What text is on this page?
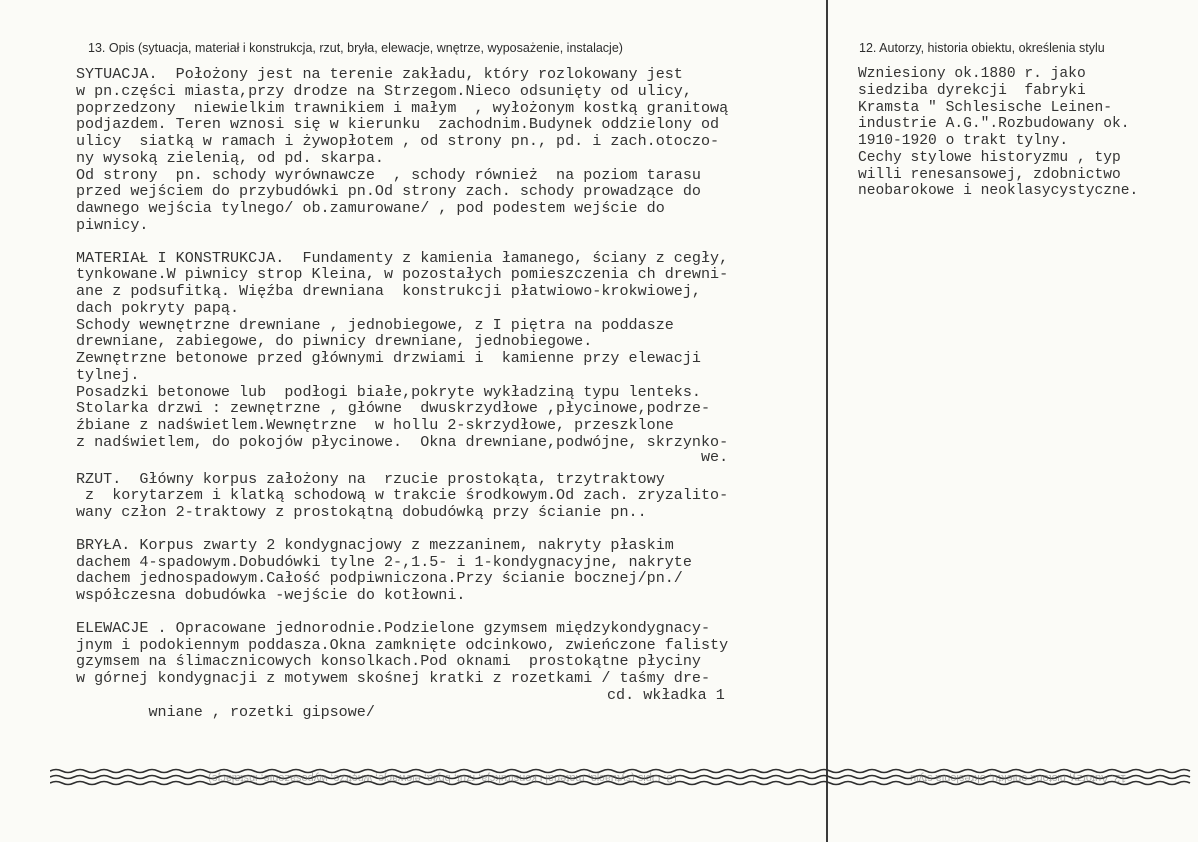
13. Opis (sytuacja, materiał i konstrukcja, rzut, bryła, elewacje, wnętrze, wyposażenie, instalacje)	12. Autorzy, historia obiektu, określenia stylu
SYTUACJA.  Położony jest na terenie zakładu, który rozlokowany jest
w pn.części miasta,przy drodze na Strzegom.Nieco odsunięty od ulicy,
poprzedzony  niewielkim trawnikiem i małym  , wyłożonym kostką granitową
podjazdem. Teren wznosi się w kierunku  zachodnim.Budynek oddzielony od
ulicy  siatką w ramach i żywopłotem , od strony pn., pd. i zach.otoczo-
ny wysoką zielenią, od pd. skarpa.
Od strony  pn. schody wyrównawcze  , schody również  na poziom tarasu
przed wejściem do przybudówki pn.Od strony zach. schody prowadzące do
dawnego wejścia tylnego/ ob.zamurowane/ , pod podestem wejście do
piwnicy.
MATERIAŁ I KONSTRUKCJA.  Fundamenty z kamienia łamanego, ściany z cegły,
tynkowane.W piwnicy strop Kleina, w pozostałych pomieszczenia ch drewni-
ane z podsufitką. Więźba drewniana  konstrukcji płatwiowo-krokwiowej,
dach pokryty papą.
Schody wewnętrzne drewniane , jednobiegowe, z I piętra na poddasze
drewniane, zabiegowe, do piwnicy drewniane, jednobiegowe.
Zewnętrzne betonowe przed głównymi drzwiami i  kamienne przy elewacji
tylnej.
Posadzki betonowe lub  podłogi białe,pokryte wykładziną typu lenteks.
Stolarka drzwi : zewnętrzne , główne  dwuskrzydłowe ,płycinowe,podrze-
źbiane z nadświetlem.Wewnętrzne  w hollu 2-skrzydłowe, przeszklone
z nadświetlem, do pokojów płycinowe.  Okna drewniane,podwójne, skrzynko-
we.
RZUT.  Główny korpus założony na  rzucie prostokąta, trzytraktowy
z  korytarzem i klatką schodową w trakcie środkowym.Od zach. zryzalito-
wany człon 2-traktowy z prostokątną dobudówką przy ścianie pn..
BRYŁA. Korpus zwarty 2 kondygnacjowy z mezzaninem, nakryty płaskim
dachem 4-spadowym.Dobudówki tylne 2-,1.5- i 1-kondygnacyjne, nakryte
dachem jednospadowym.Całość podpiwniczona.Przy ścianie bocznej/pn./
współczesna dobudówka -wejście do kotłowni.
ELEWACJE . Opracowane jednorodnie.Podzielone gzymsem międzykondygnacy-
jnym i podokiennym poddasza.Okna zamknięte odcinkowo, zwieńczone falisty
gzymsem na ślimacznicowych konsolkach.Pod oknami  prostokątne płyciny
w górnej kondygnacji z motywem skośnej kratki z rozetkami / taśmy dre-

wniane , rozetki gipsowe/

cd. wkładka 1

Wzniesiony ok.1880 r. jako
siedziba dyrekcji  fabryki
Kramsta " Schlesische Leinen-
industrie A.G.".Rozbudowany ok.
1910-1920 o trakt tylny.
Cechy stylowe historyzmu , typ
willi renesansowej, zdobnictwo
neobarokowe i neoklasycystyczne.
13. Opis (sytuacja, materiał i konstrukcja, rzut, bryła, elewacje, wnętrze, wyposażenie, instalacje)	12. Autorzy, historia obiektu, określenia stylu
